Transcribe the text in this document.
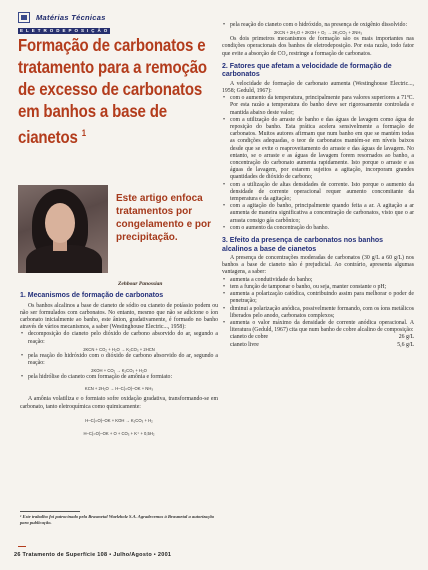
Matérias Técnicas
ELETRODEPOSIÇÃO
Formação de carbonatos e tratamento para a remoção de excesso de carbonatos em banhos a base de cianetos $^1$
Este artigo enfoca tratamentos por congelamento e por precipitação.
Zehbour Panossian
1. Mecanismos de formação de carbonatos

Os banhos alcalinos a base de cianeto de sódio ou cianeto de potássio podem ou não ser formulados com carbonatos. No entanto, mesmo que não se adicione o íon carbonato inicialmente ao banho, este ânion, gradativamente, é formado no banho através de vários mecanismos, a saber (Westinghouse Electric..., 1958):

• decomposição do cianeto pelo dióxido de carbono absorvido do ar, segundo a reação:
2KCN + CO₂ + H₂O → K₂CO₃ + 2HCN
• pela reação do hidróxido com o dióxido de carbono absorvido do ar, segundo a reação:
2KOH + CO₂ → K₂CO₃ + H₂O
• pela hidrólise do cianeto com formação de amônia e formiato:
KCN + 2H₂O → H–C(=O)–OK + NH₃

A amônia volatiliza e o formiato sofre oxidação gradativa, transformando-se em carbonato, tanto eletroquímica como quimicamente:

H–C(=O)–OK + KOH → K₂CO₃ + H₂
H–C(=O)–OK + O + CO₃ + K⁺ + 0,5H₂
¹ Este trabalho foi patrocinado pela Brasmetal Waelzholz S.A. Agradecemos à Brasmetal a autorização para publicação.
• pela reação do cianeto com o hidróxido, na presença de oxigênio dissolvido:
2KCN + 2H₂O + 2KOH + O₂ → 2K₂CO₃ + 2NH₃

Os dois primeiros mecanismos de formação são os mais importantes nas condições operacionais dos banhos de eletrodeposição. Por esta razão, todo fator que evite a absorção de CO₂ restringe a formação de carbonatos.

2. Fatores que afetam a velocidade de formação de carbonatos

A velocidade de formação de carbonato aumenta (Westinghouse Electric..., 1958; Geduld, 1967):

• com o aumento da temperatura, principalmente para valores superiores a 71ºC. Por esta razão a temperatura do banho deve ser rigorosamente controlada e mantida abaixo deste valor;
• com a utilização do arraste de banho e das águas de lavagem como água de reposição do banho. Esta prática acelera sensivelmente a formação de carbonatos. Muitos autores afirmam que num banho em que se mantém todas as condições adequadas, o teor de carbonatos mantém-se em níveis baixos desde que se evite o reaproveitamento do arraste e das águas de lavagem. No entanto, se o arraste e as águas de lavagem forem resornados ao banho, a concentração do carbonato aumenta rapidamente. Isto porque o arraste e as águas de lavagem, por estarem sujeitos a agitação, incorporam grandes quantidades de dióxido de carbono;
• com a utilização de altas densidades de corrente. Isto porque o aumento da densidade de corrente operacional requer aumento concomitante da temperatura e da agitação;
• com a agitação do banho, principalmente quando feita a ar. A agitação a ar aumenta de maneira significativa a concentração de carbonatos, visto que o ar arrasta consigo gás carbônico;
• com o aumento da concentração do banho.
3. Efeito da presença de carbonatos nos banhos alcalinos a base de cianetos

A presença de concentrações moderadas de carbonatos (30 g/L a 60 g/L) nos banhos a base de cianeto não é prejudicial. Ao contrário, apresenta algumas vantagens, a saber:

• aumenta a condutividade do banho;
• tem a função de tamponar o banho, ou seja, manter constante o pH;
• aumenta a polarização catódica, contribuindo assim para melhorar o poder de penetração;
• diminui a polarização anódica, possivelmente formando, com os íons metálicos liberados pelo anodo, carbonatos complexos;
• aumenta o valor máximo da densidade de corrente anódica operacional. A literatura (Geduld, 1967) cita que num banho de cobre alcalino de composição:
cianeto de cobre	26 g/L
cianeto livre	5,6 g/L
26 Tratamento de Superfície 108 • Julho/Agosto • 2001
